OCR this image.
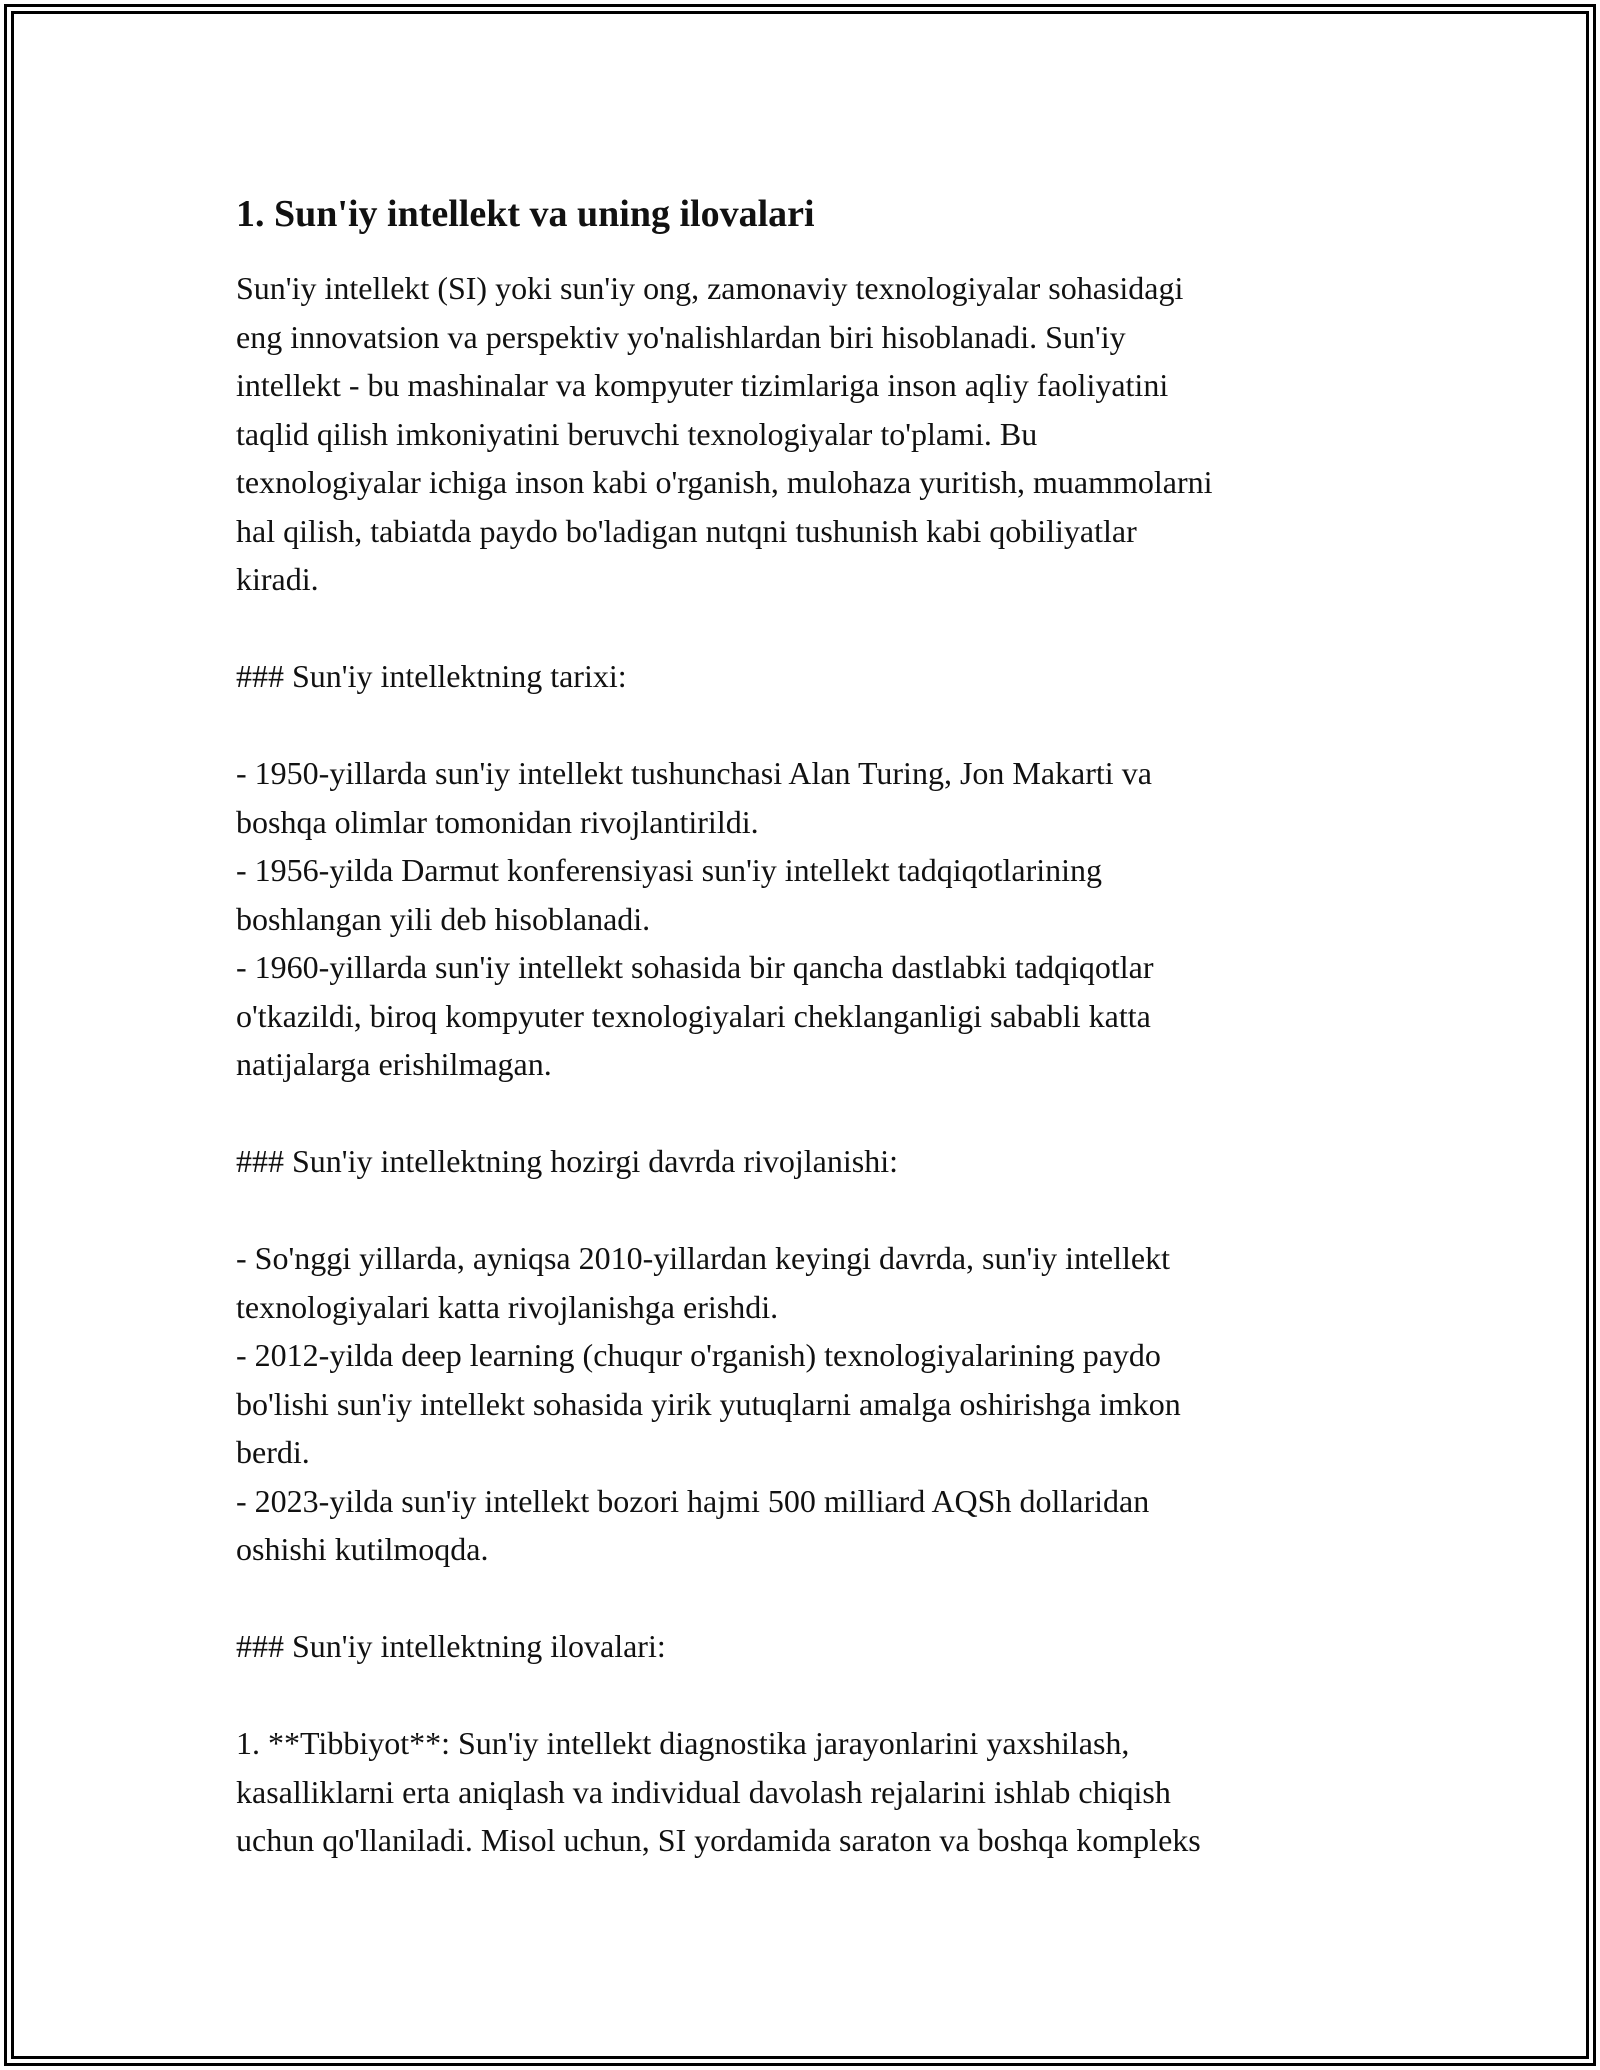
1. Sun'iy intellekt va uning ilovalari
Sun'iy intellekt (SI) yoki sun'iy ong, zamonaviy texnologiyalar sohasidagi
eng innovatsion va perspektiv yo'nalishlardan biri hisoblanadi. Sun'iy
intellekt - bu mashinalar va kompyuter tizimlariga inson aqliy faoliyatini
taqlid qilish imkoniyatini beruvchi texnologiyalar to'plami. Bu
texnologiyalar ichiga inson kabi o'rganish, mulohaza yuritish, muammolarni
hal qilish, tabiatda paydo bo'ladigan nutqni tushunish kabi qobiliyatlar
kiradi.
### Sun'iy intellektning tarixi:
- 1950-yillarda sun'iy intellekt tushunchasi Alan Turing, Jon Makarti va
boshqa olimlar tomonidan rivojlantirildi.
- 1956-yilda Darmut konferensiyasi sun'iy intellekt tadqiqotlarining
boshlangan yili deb hisoblanadi.
- 1960-yillarda sun'iy intellekt sohasida bir qancha dastlabki tadqiqotlar
o'tkazildi, biroq kompyuter texnologiyalari cheklanganligi sababli katta
natijalarga erishilmagan.
### Sun'iy intellektning hozirgi davrda rivojlanishi:
- So'nggi yillarda, ayniqsa 2010-yillardan keyingi davrda, sun'iy intellekt
texnologiyalari katta rivojlanishga erishdi.
- 2012-yilda deep learning (chuqur o'rganish) texnologiyalarining paydo
bo'lishi sun'iy intellekt sohasida yirik yutuqlarni amalga oshirishga imkon
berdi.
- 2023-yilda sun'iy intellekt bozori hajmi 500 milliard AQSh dollaridan
oshishi kutilmoqda.
### Sun'iy intellektning ilovalari:
1. **Tibbiyot**: Sun'iy intellekt diagnostika jarayonlarini yaxshilash,
kasalliklarni erta aniqlash va individual davolash rejalarini ishlab chiqish
uchun qo'llaniladi. Misol uchun, SI yordamida saraton va boshqa kompleks
